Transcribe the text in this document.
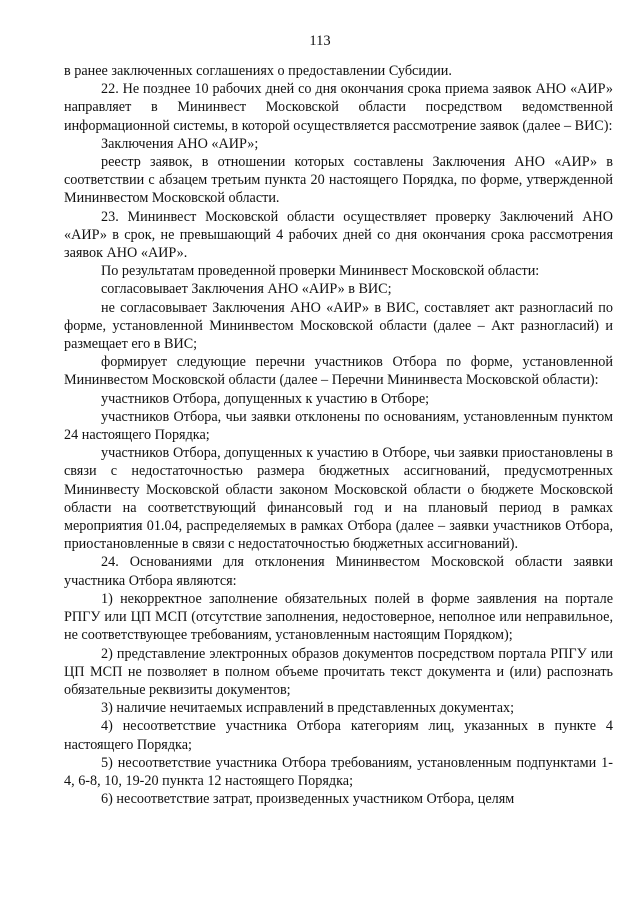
113

в ранее заключенных соглашениях о предоставлении Субсидии.

22. Не позднее 10 рабочих дней со дня окончания срока приема заявок АНО «АИР» направляет в Мининвест Московской области посредством ведомственной информационной системы, в которой осуществляется рассмотрение заявок (далее – ВИС):

Заключения АНО «АИР»;

реестр заявок, в отношении которых составлены Заключения АНО «АИР» в соответствии с абзацем третьим пункта 20 настоящего Порядка, по форме, утвержденной Мининвестом Московской области.

23. Мининвест Московской области осуществляет проверку Заключений АНО «АИР» в срок, не превышающий 4 рабочих дней со дня окончания срока рассмотрения заявок АНО «АИР».

По результатам проведенной проверки Мининвест Московской области:

согласовывает Заключения АНО «АИР» в ВИС;

не согласовывает Заключения АНО «АИР» в ВИС, составляет акт разногласий по форме, установленной Мининвестом Московской области (далее – Акт разногласий) и размещает его в ВИС;

формирует следующие перечни участников Отбора по форме, установленной Мининвестом Московской области (далее – Перечни Мининвеста Московской области):

участников Отбора, допущенных к участию в Отборе;

участников Отбора, чьи заявки отклонены по основаниям, установленным пунктом 24 настоящего Порядка;

участников Отбора, допущенных к участию в Отборе, чьи заявки приостановлены в связи с недостаточностью размера бюджетных ассигнований, предусмотренных Мининвесту Московской области законом Московской области о бюджете Московской области на соответствующий финансовый год и на плановый период в рамках мероприятия 01.04, распределяемых в рамках Отбора (далее – заявки участников Отбора, приостановленные в связи с недостаточностью бюджетных ассигнований).

24. Основаниями для отклонения Мининвестом Московской области заявки участника Отбора являются:

1) некорректное заполнение обязательных полей в форме заявления на портале РПГУ или ЦП МСП (отсутствие заполнения, недостоверное, неполное или неправильное, не соответствующее требованиям, установленным настоящим Порядком);

2) представление электронных образов документов посредством портала РПГУ или ЦП МСП не позволяет в полном объеме прочитать текст документа и (или) распознать обязательные реквизиты документов;

3) наличие нечитаемых исправлений в представленных документах;

4) несоответствие участника Отбора категориям лиц, указанных в пункте 4 настоящего Порядка;

5) несоответствие участника Отбора требованиям, установленным подпунктами 1-4, 6-8, 10, 19-20 пункта 12 настоящего Порядка;

6) несоответствие затрат, произведенных участником Отбора, целям
